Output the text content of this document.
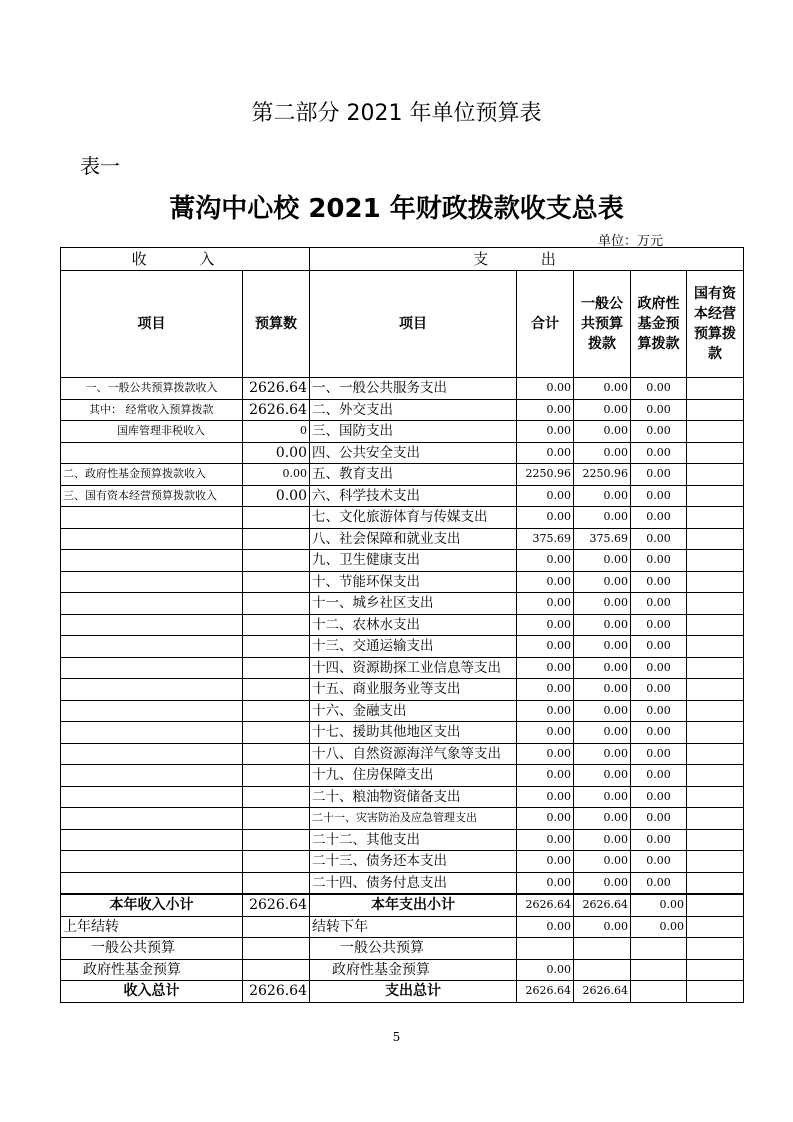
第二部分 2021 年单位预算表
表一
蒿沟中心校 2021 年财政拨款收支总表
单位：万元
收 入		支 出				
项目	预算数	项目	合计	一般公共预算拨款	政府性基金预算拨款	国有资本经营预算拨款
一、一般公共预算拨款收入	2626.64	一、一般公共服务支出	0.00	0.00	0.00	
其中： 经常收入预算拨款	2626.64	二、外交支出	0.00	0.00	0.00	
国库管理非税收入	0	三、国防支出	0.00	0.00	0.00	
	0.00	四、公共安全支出	0.00	0.00	0.00	
二、政府性基金预算拨款收入	0.00	五、教育支出	2250.96	2250.96	0.00	
三、国有资本经营预算拨款收入	0.00	六、科学技术支出	0.00	0.00	0.00	
		七、文化旅游体育与传媒支出	0.00	0.00	0.00	
		八、社会保障和就业支出	375.69	375.69	0.00	
		九、卫生健康支出	0.00	0.00	0.00	
		十、节能环保支出	0.00	0.00	0.00	
		十一、城乡社区支出	0.00	0.00	0.00	
		十二、农林水支出	0.00	0.00	0.00	
		十三、交通运输支出	0.00	0.00	0.00	
		十四、资源勘探工业信息等支出	0.00	0.00	0.00	
		十五、商业服务业等支出	0.00	0.00	0.00	
		十六、金融支出	0.00	0.00	0.00	
		十七、援助其他地区支出	0.00	0.00	0.00	
		十八、自然资源海洋气象等支出	0.00	0.00	0.00	
		十九、住房保障支出	0.00	0.00	0.00	
		二十、粮油物资储备支出	0.00	0.00	0.00	
		二十一、灾害防治及应急管理支出	0.00	0.00	0.00	
		二十二、其他支出	0.00	0.00	0.00	
		二十三、债务还本支出	0.00	0.00	0.00	
		二十四、债务付息支出	0.00	0.00	0.00	
本年收入小计	2626.64	本年支出小计	2626.64	2626.64	0.00	
上年结转		结转下年	0.00	0.00	0.00	
一般公共预算		一般公共预算				
政府性基金预算		政府性基金预算	0.00			
收入总计	2626.64	支出总计	2626.64	2626.64		
5
